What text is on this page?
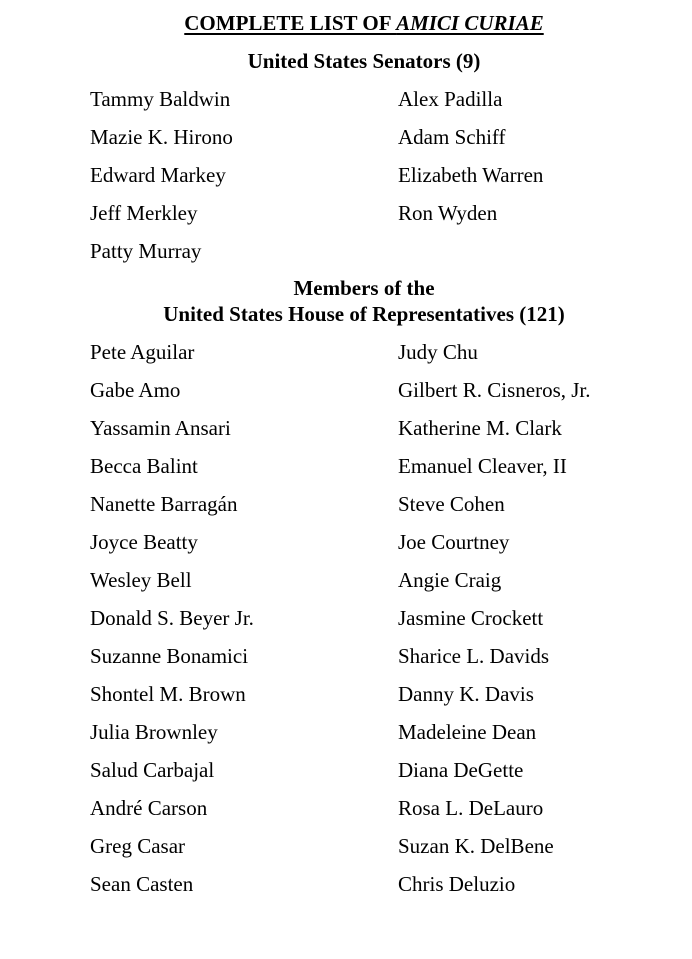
COMPLETE LIST OF AMICI CURIAE
United States Senators (9)
Tammy Baldwin
Mazie K. Hirono
Edward Markey
Jeff Merkley
Patty Murray
Alex Padilla
Adam Schiff
Elizabeth Warren
Ron Wyden
Members of the
United States House of Representatives (121)
Pete Aguilar
Gabe Amo
Yassamin Ansari
Becca Balint
Nanette Barragán
Joyce Beatty
Wesley Bell
Donald S. Beyer Jr.
Suzanne Bonamici
Shontel M. Brown
Julia Brownley
Salud Carbajal
André Carson
Greg Casar
Sean Casten
Judy Chu
Gilbert R. Cisneros, Jr.
Katherine M. Clark
Emanuel Cleaver, II
Steve Cohen
Joe Courtney
Angie Craig
Jasmine Crockett
Sharice L. Davids
Danny K. Davis
Madeleine Dean
Diana DeGette
Rosa L. DeLauro
Suzan K. DelBene
Chris Deluzio
